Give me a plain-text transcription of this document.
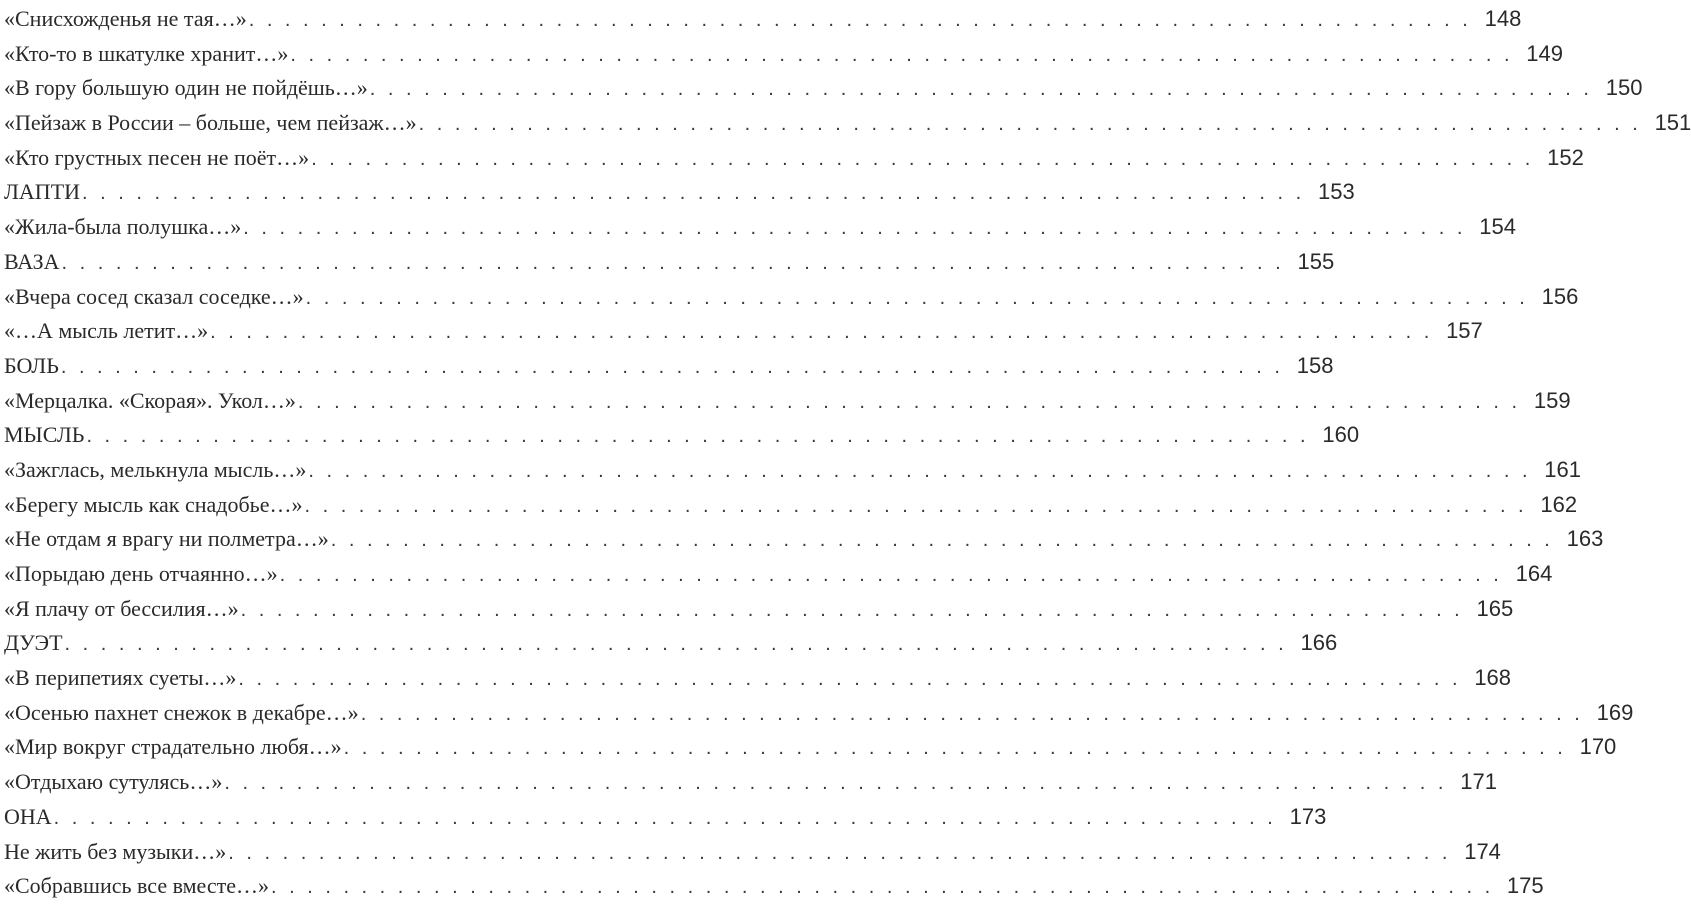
«Снисхожденья не тая…» . . . . . . . . . . . . . . . . . . . . . . . . . . . . . . . . . . . . . . . . . . . . . . . . . . . . . . . . . . . . . . . . . . . . 148
«Кто-то в шкатулке хранит…» . . . . . . . . . . . . . . . . . . . . . . . . . . . . . . . . . . . . . . . . . . . . . . . . . . . . . . . . . . . . . . . . . . . . 149
«В гору большую один не пойдёшь…» . . . . . . . . . . . . . . . . . . . . . . . . . . . . . . . . . . . . . . . . . . . . . . . . . . . . . . . . . . . . . . . . . . . . 150
«Пейзаж в России – больше, чем пейзаж…» . . . . . . . . . . . . . . . . . . . . . . . . . . . . . . . . . . . . . . . . . . . . . . . . . . . . . . . . . . . . . . . . . . . . 151
«Кто грустных песен не поёт…» . . . . . . . . . . . . . . . . . . . . . . . . . . . . . . . . . . . . . . . . . . . . . . . . . . . . . . . . . . . . . . . . . . . . 152
ЛАПТИ . . . . . . . . . . . . . . . . . . . . . . . . . . . . . . . . . . . . . . . . . . . . . . . . . . . . . . . . . . . . . . . . . . . . 153
«Жила-была полушка…» . . . . . . . . . . . . . . . . . . . . . . . . . . . . . . . . . . . . . . . . . . . . . . . . . . . . . . . . . . . . . . . . . . . . 154
ВАЗА . . . . . . . . . . . . . . . . . . . . . . . . . . . . . . . . . . . . . . . . . . . . . . . . . . . . . . . . . . . . . . . . . . . . 155
«Вчера сосед сказал соседке…» . . . . . . . . . . . . . . . . . . . . . . . . . . . . . . . . . . . . . . . . . . . . . . . . . . . . . . . . . . . . . . . . . . . . 156
«…А мысль летит…» . . . . . . . . . . . . . . . . . . . . . . . . . . . . . . . . . . . . . . . . . . . . . . . . . . . . . . . . . . . . . . . . . . . . 157
БОЛЬ . . . . . . . . . . . . . . . . . . . . . . . . . . . . . . . . . . . . . . . . . . . . . . . . . . . . . . . . . . . . . . . . . . . . 158
«Мерцалка. «Скорая». Укол…» . . . . . . . . . . . . . . . . . . . . . . . . . . . . . . . . . . . . . . . . . . . . . . . . . . . . . . . . . . . . . . . . . . . . 159
МЫСЛЬ . . . . . . . . . . . . . . . . . . . . . . . . . . . . . . . . . . . . . . . . . . . . . . . . . . . . . . . . . . . . . . . . . . . . 160
«Зажглась, мелькнула мысль…» . . . . . . . . . . . . . . . . . . . . . . . . . . . . . . . . . . . . . . . . . . . . . . . . . . . . . . . . . . . . . . . . . . . . 161
«Берегу мысль как снадобье…» . . . . . . . . . . . . . . . . . . . . . . . . . . . . . . . . . . . . . . . . . . . . . . . . . . . . . . . . . . . . . . . . . . . . 162
«Не отдам я врагу ни полметра…» . . . . . . . . . . . . . . . . . . . . . . . . . . . . . . . . . . . . . . . . . . . . . . . . . . . . . . . . . . . . . . . . . . . . 163
«Порыдаю день отчаянно…» . . . . . . . . . . . . . . . . . . . . . . . . . . . . . . . . . . . . . . . . . . . . . . . . . . . . . . . . . . . . . . . . . . . . 164
«Я плачу от бессилия…» . . . . . . . . . . . . . . . . . . . . . . . . . . . . . . . . . . . . . . . . . . . . . . . . . . . . . . . . . . . . . . . . . . . . 165
ДУЭТ . . . . . . . . . . . . . . . . . . . . . . . . . . . . . . . . . . . . . . . . . . . . . . . . . . . . . . . . . . . . . . . . . . . . 166
«В перипетиях суеты…» . . . . . . . . . . . . . . . . . . . . . . . . . . . . . . . . . . . . . . . . . . . . . . . . . . . . . . . . . . . . . . . . . . . . 168
«Осенью пахнет снежок в декабре…» . . . . . . . . . . . . . . . . . . . . . . . . . . . . . . . . . . . . . . . . . . . . . . . . . . . . . . . . . . . . . . . . . . . . 169
«Мир вокруг страдательно любя…» . . . . . . . . . . . . . . . . . . . . . . . . . . . . . . . . . . . . . . . . . . . . . . . . . . . . . . . . . . . . . . . . . . . . 170
«Отдыхаю сутулясь…» . . . . . . . . . . . . . . . . . . . . . . . . . . . . . . . . . . . . . . . . . . . . . . . . . . . . . . . . . . . . . . . . . . . . 171
ОНА . . . . . . . . . . . . . . . . . . . . . . . . . . . . . . . . . . . . . . . . . . . . . . . . . . . . . . . . . . . . . . . . . . . . 173
Не жить без музыки…» . . . . . . . . . . . . . . . . . . . . . . . . . . . . . . . . . . . . . . . . . . . . . . . . . . . . . . . . . . . . . . . . . . . . 174
«Собравшись все вместе…» . . . . . . . . . . . . . . . . . . . . . . . . . . . . . . . . . . . . . . . . . . . . . . . . . . . . . . . . . . . . . . . . . . . . 175
